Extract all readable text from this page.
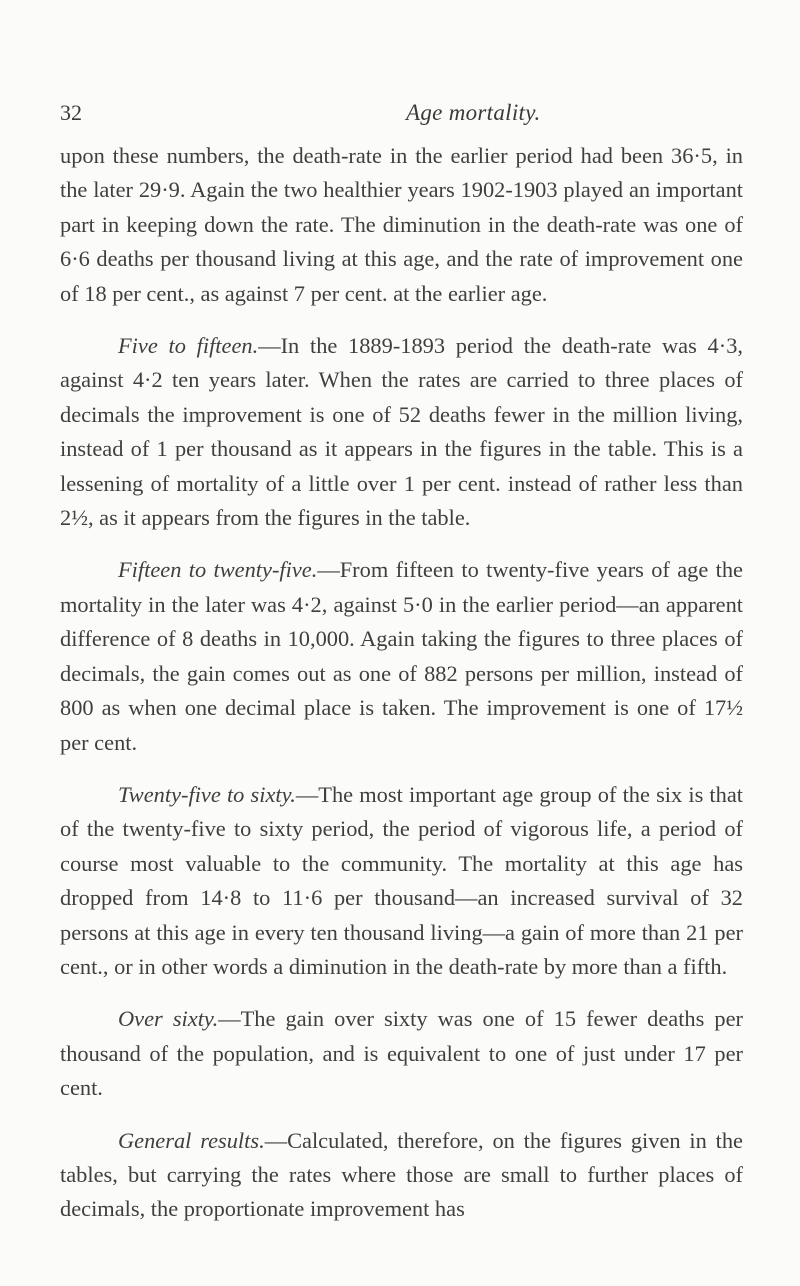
32	Age mortality.

upon these numbers, the death-rate in the earlier period had been 36·5, in the later 29·9. Again the two healthier years 1902-1903 played an important part in keeping down the rate. The diminution in the death-rate was one of 6·6 deaths per thousand living at this age, and the rate of improvement one of 18 per cent., as against 7 per cent. at the earlier age.

Five to fifteen.—In the 1889-1893 period the death-rate was 4·3, against 4·2 ten years later. When the rates are carried to three places of decimals the improvement is one of 52 deaths fewer in the million living, instead of 1 per thousand as it appears in the figures in the table. This is a lessening of mortality of a little over 1 per cent. instead of rather less than 2½, as it appears from the figures in the table.

Fifteen to twenty-five.—From fifteen to twenty-five years of age the mortality in the later was 4·2, against 5·0 in the earlier period—an apparent difference of 8 deaths in 10,000. Again taking the figures to three places of decimals, the gain comes out as one of 882 persons per million, instead of 800 as when one decimal place is taken. The improvement is one of 17½ per cent.

Twenty-five to sixty.—The most important age group of the six is that of the twenty-five to sixty period, the period of vigorous life, a period of course most valuable to the community. The mortality at this age has dropped from 14·8 to 11·6 per thousand—an increased survival of 32 persons at this age in every ten thousand living—a gain of more than 21 per cent., or in other words a diminution in the death-rate by more than a fifth.

Over sixty.—The gain over sixty was one of 15 fewer deaths per thousand of the population, and is equivalent to one of just under 17 per cent.

General results.—Calculated, therefore, on the figures given in the tables, but carrying the rates where those are small to further places of decimals, the proportionate improvement has
